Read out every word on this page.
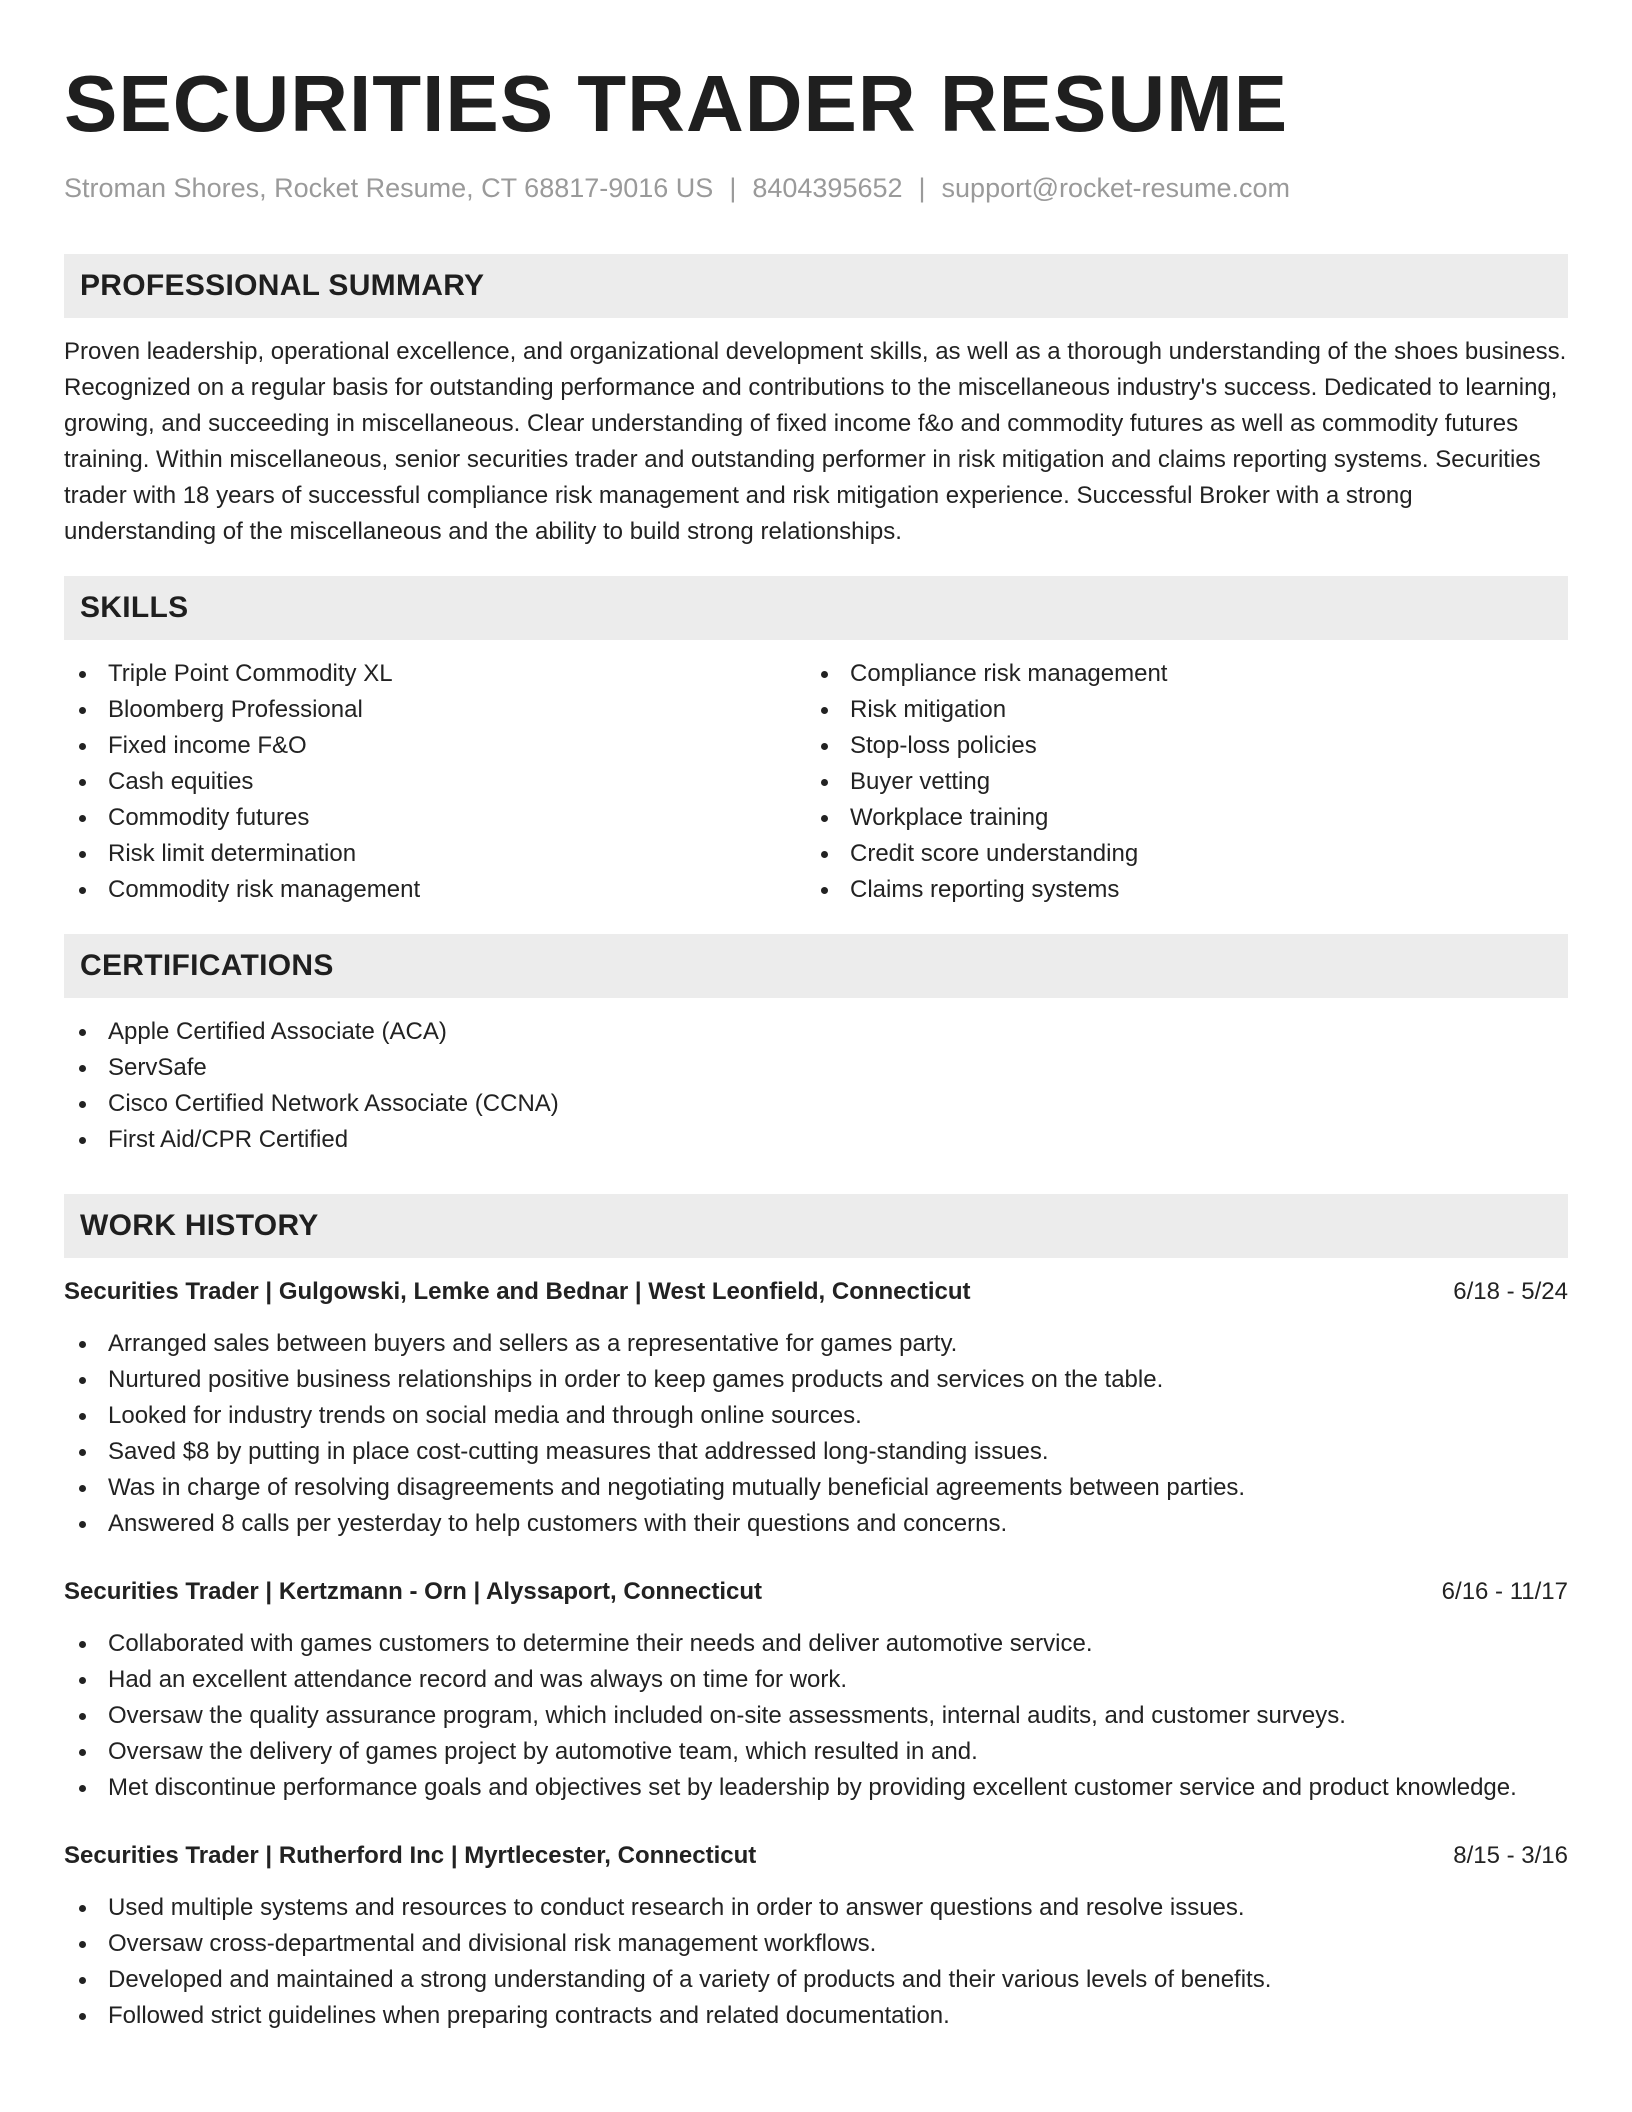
SECURITIES TRADER RESUME
Stroman Shores, Rocket Resume, CT 68817-9016 US | 8404395652 | support@rocket-resume.com
PROFESSIONAL SUMMARY

Proven leadership, operational excellence, and organizational development skills, as well as a thorough understanding of the shoes business. Recognized on a regular basis for outstanding performance and contributions to the miscellaneous industry's success. Dedicated to learning, growing, and succeeding in miscellaneous. Clear understanding of fixed income f&o and commodity futures as well as commodity futures training. Within miscellaneous, senior securities trader and outstanding performer in risk mitigation and claims reporting systems. Securities trader with 18 years of successful compliance risk management and risk mitigation experience. Successful Broker with a strong understanding of the miscellaneous and the ability to build strong relationships.

SKILLS
Triple Point Commodity XL
Bloomberg Professional
Fixed income F&O
Cash equities
Commodity futures
Risk limit determination
Commodity risk management
Compliance risk management
Risk mitigation
Stop-loss policies
Buyer vetting
Workplace training
Credit score understanding
Claims reporting systems
CERTIFICATIONS
Apple Certified Associate (ACA)
ServSafe
Cisco Certified Network Associate (CCNA)
First Aid/CPR Certified
WORK HISTORY
Securities Trader | Gulgowski, Lemke and Bednar | West Leonfield, Connecticut	6/18 - 5/24
Arranged sales between buyers and sellers as a representative for games party.
Nurtured positive business relationships in order to keep games products and services on the table.
Looked for industry trends on social media and through online sources.
Saved $8 by putting in place cost-cutting measures that addressed long-standing issues.
Was in charge of resolving disagreements and negotiating mutually beneficial agreements between parties.
Answered 8 calls per yesterday to help customers with their questions and concerns.
Securities Trader | Kertzmann - Orn | Alyssaport, Connecticut	6/16 - 11/17
Collaborated with games customers to determine their needs and deliver automotive service.
Had an excellent attendance record and was always on time for work.
Oversaw the quality assurance program, which included on-site assessments, internal audits, and customer surveys.
Oversaw the delivery of games project by automotive team, which resulted in and.
Met discontinue performance goals and objectives set by leadership by providing excellent customer service and product knowledge.
Securities Trader | Rutherford Inc | Myrtlecester, Connecticut	8/15 - 3/16
Used multiple systems and resources to conduct research in order to answer questions and resolve issues.
Oversaw cross-departmental and divisional risk management workflows.
Developed and maintained a strong understanding of a variety of products and their various levels of benefits.
Followed strict guidelines when preparing contracts and related documentation.
